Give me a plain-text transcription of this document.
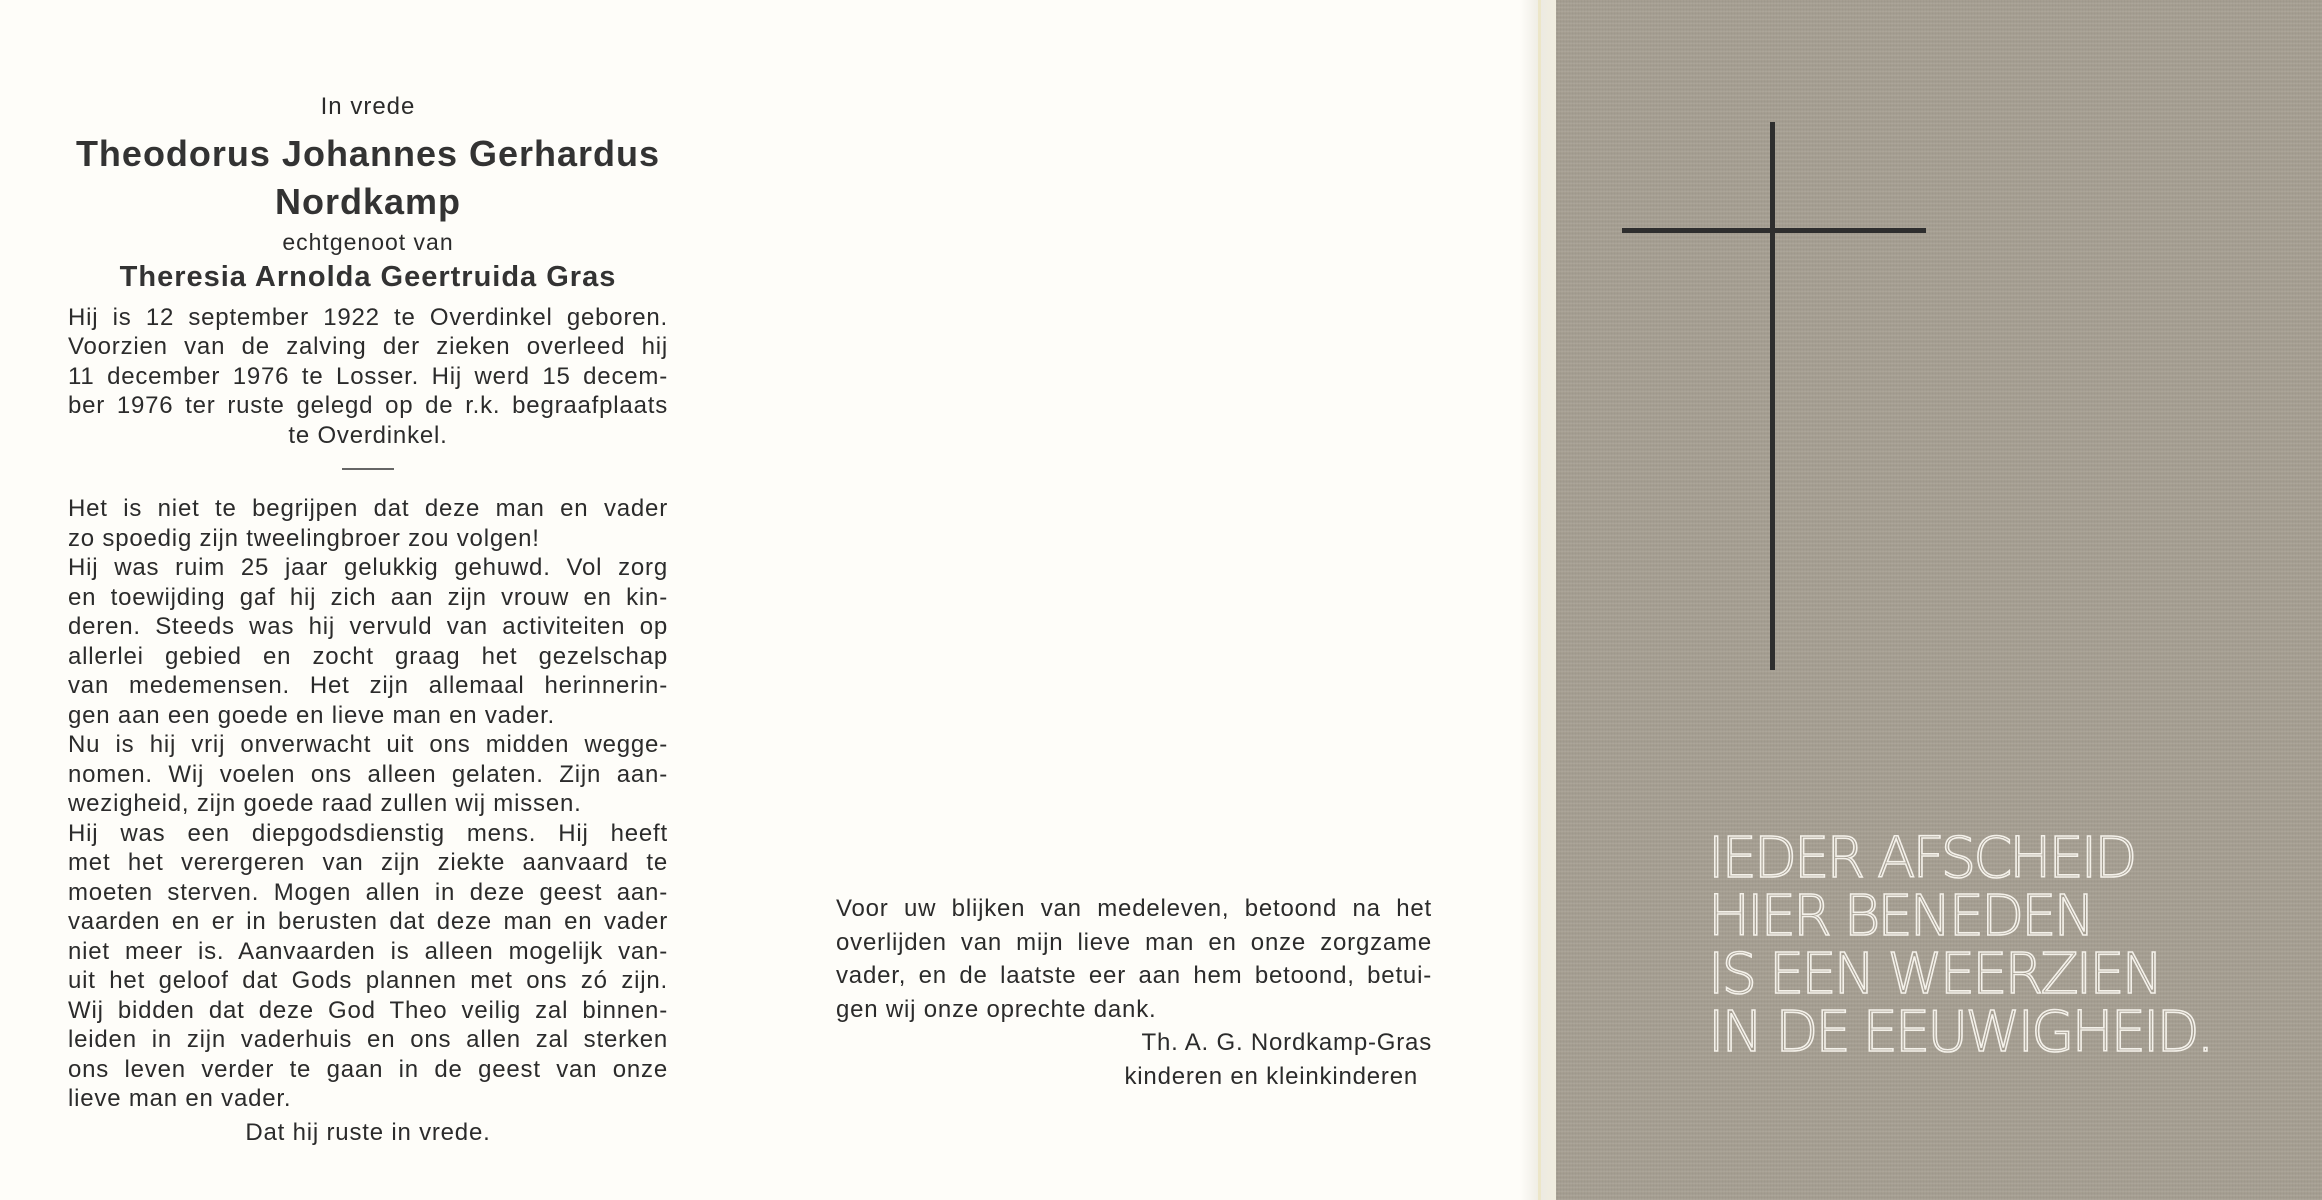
In vrede
Theodorus Johannes Gerhardus
Nordkamp
echtgenoot van
Theresia Arnolda Geertruida Gras
Hij is 12 september 1922 te Overdinkel geboren.
Voorzien van de zalving der zieken overleed hij
11 december 1976 te Losser. Hij werd 15 decem-
ber 1976 ter ruste gelegd op de r.k. begraafplaats
te Overdinkel.
Het is niet te begrijpen dat deze man en vader
zo spoedig zijn tweelingbroer zou volgen!
Hij was ruim 25 jaar gelukkig gehuwd. Vol zorg
en toewijding gaf hij zich aan zijn vrouw en kin-
deren. Steeds was hij vervuld van activiteiten op
allerlei gebied en zocht graag het gezelschap
van medemensen. Het zijn allemaal herinnerin-
gen aan een goede en lieve man en vader.
Nu is hij vrij onverwacht uit ons midden wegge-
nomen. Wij voelen ons alleen gelaten. Zijn aan-
wezigheid, zijn goede raad zullen wij missen.
Hij was een diepgodsdienstig mens. Hij heeft
met het verergeren van zijn ziekte aanvaard te
moeten sterven. Mogen allen in deze geest aan-
vaarden en er in berusten dat deze man en vader
niet meer is. Aanvaarden is alleen mogelijk van-
uit het geloof dat Gods plannen met ons zó zijn.
Wij bidden dat deze God Theo veilig zal binnen-
leiden in zijn vaderhuis en ons allen zal sterken
ons leven verder te gaan in de geest van onze
lieve man en vader.
Dat hij ruste in vrede.
Voor uw blijken van medeleven, betoond na het
overlijden van mijn lieve man en onze zorgzame
vader, en de laatste eer aan hem betoond, betui-
gen wij onze oprechte dank.
Th. A. G. Nordkamp-Gras
kinderen en kleinkinderen
IEDER AFSCHEID
HIER BENEDEN
IS EEN WEERZIEN
IN DE EEUWIGHEID.
